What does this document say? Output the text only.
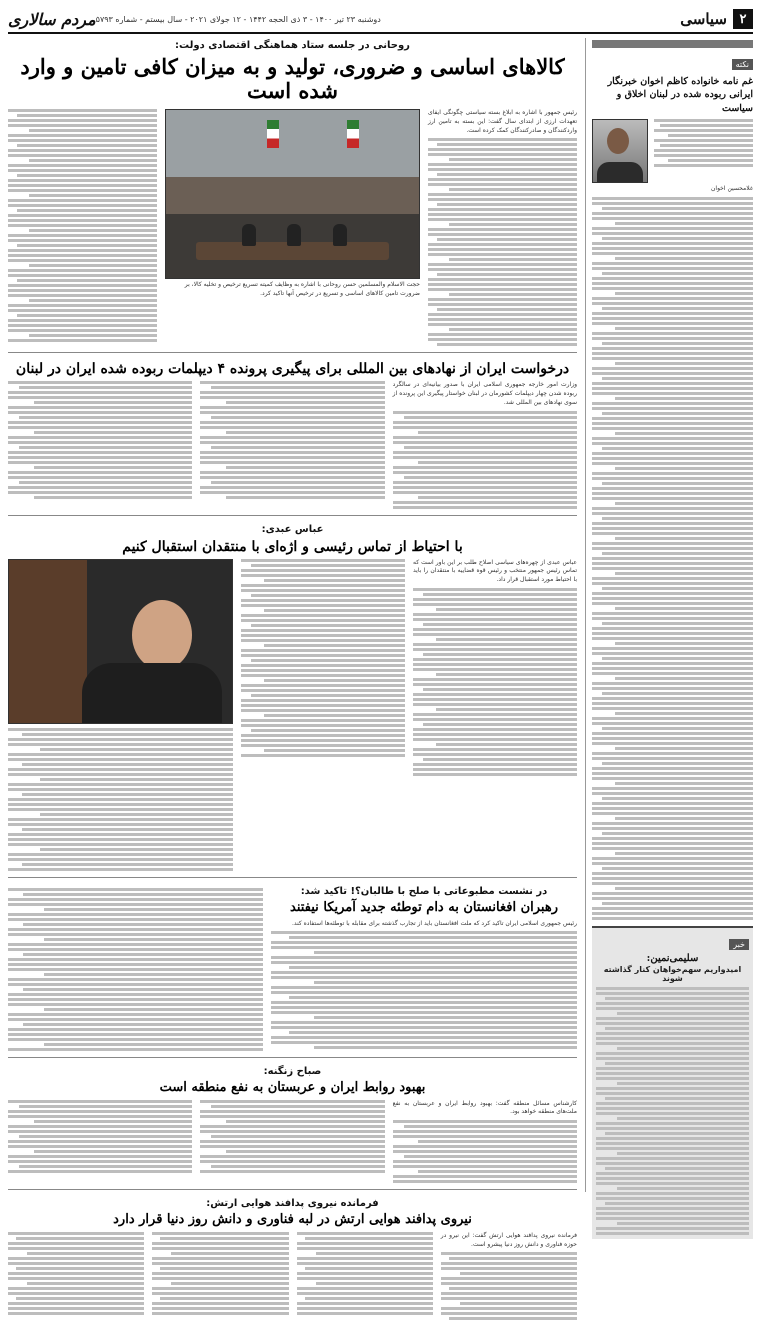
۲
سیاسی
دوشنبه ۲۳ تیر ۱۴۰۰ - ۳ ذی الحجه ۱۴۴۲ - ۱۲ جولای ۲۰۲۱ - سال بیستم - شماره ۵۷۹۳
مردم سالاری
نکته
غم نامه خانواده کاظم اخوان خبرنگار ایرانی ربوده شده در لبنان اخلاق و سیاست
غلامحسین اخوان
خبر
سلیمی‌نمین:
امیدواریم سهم‌خواهان کنار گذاشته شوند
روحانی در جلسه ستاد هماهنگی اقتصادی دولت:
کالاهای اساسی و ضروری، تولید و به میزان کافی تامین و وارد شده است
رئیس جمهور با اشاره به ابلاغ بسته سیاستی چگونگی ایفای تعهدات ارزی از ابتدای سال گفت: این بسته به تامین ارز واردکنندگان و صادرکنندگان کمک کرده است.
حجت الاسلام والمسلمین حسن روحانی با اشاره به وظایف کمیته تسریع ترخیص و تخلیه کالا، بر ضرورت تامین کالاهای اساسی و تسریع در ترخیص آنها تاکید کرد.
درخواست ایران از نهادهای بین المللی برای پیگیری پرونده ۴ دیپلمات ربوده شده ایران در لبنان
وزارت امور خارجه جمهوری اسلامی ایران با صدور بیانیه‌ای در سالگرد ربوده شدن چهار دیپلمات کشورمان در لبنان خواستار پیگیری این پرونده از سوی نهادهای بین المللی شد.
عباس عبدی:
با احتیاط از تماس رئیسی و اژه‌ای با منتقدان استقبال کنیم
عباس عبدی از چهره‌های سیاسی اصلاح طلب بر این باور است که تماس رئیس جمهور منتخب و رئیس قوه قضاییه با منتقدان را باید با احتیاط مورد استقبال قرار داد.
در نشست مطبوعاتی با صلح با طالبان؟! تاکید شد:
رهبران افغانستان به دام توطئه جدید آمریکا نیفتند
رئیس جمهوری اسلامی ایران تاکید کرد که ملت افغانستان باید از تجارب گذشته برای مقابله با توطئه‌ها استفاده کند.
صباح زنگنه:
بهبود روابط ایران و عربستان به نفع منطقه است
کارشناس مسائل منطقه گفت: بهبود روابط ایران و عربستان به نفع ملت‌های منطقه خواهد بود.
فرمانده نیروی پدافند هوایی ارتش:
نیروی پدافند هوایی ارتش در لبه فناوری و دانش روز دنیا قرار دارد
فرمانده نیروی پدافند هوایی ارتش گفت: این نیرو در حوزه فناوری و دانش روز دنیا پیشرو است.
